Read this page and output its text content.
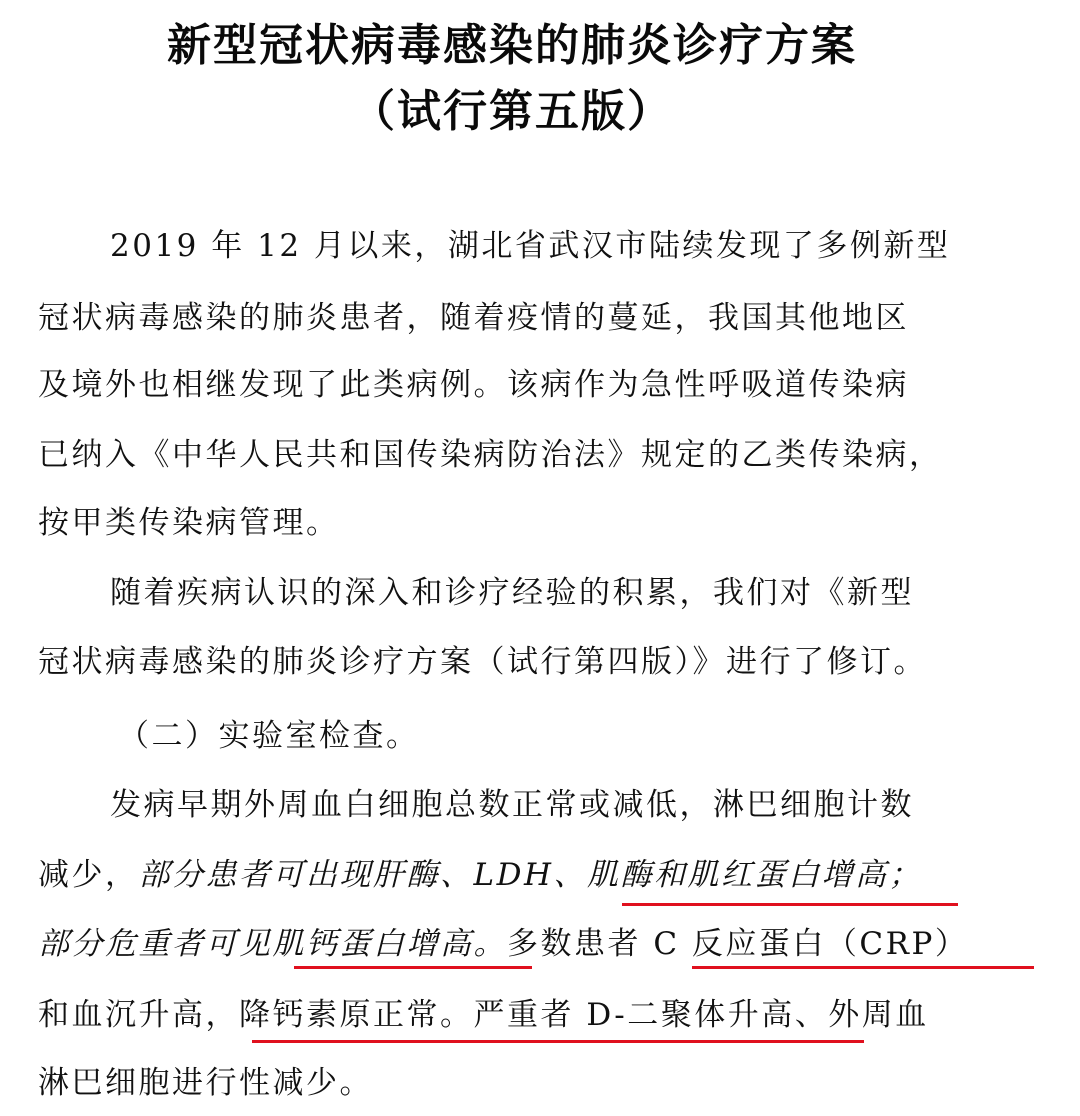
新型冠状病毒感染的肺炎诊疗方案
（试行第五版）
2019 年 12 月以来，湖北省武汉市陆续发现了多例新型
冠状病毒感染的肺炎患者，随着疫情的蔓延，我国其他地区
及境外也相继发现了此类病例。该病作为急性呼吸道传染病
已纳入《中华人民共和国传染病防治法》规定的乙类传染病，
按甲类传染病管理。
随着疾病认识的深入和诊疗经验的积累，我们对《新型
冠状病毒感染的肺炎诊疗方案（试行第四版）》进行了修订。
（二）实验室检查。
发病早期外周血白细胞总数正常或减低，淋巴细胞计数
减少，部分患者可出现肝酶、LDH、肌酶和肌红蛋白增高；
部分危重者可见肌钙蛋白增高。多数患者 C 反应蛋白（CRP）
和血沉升高，降钙素原正常。严重者 D-二聚体升高、外周血
淋巴细胞进行性减少。
